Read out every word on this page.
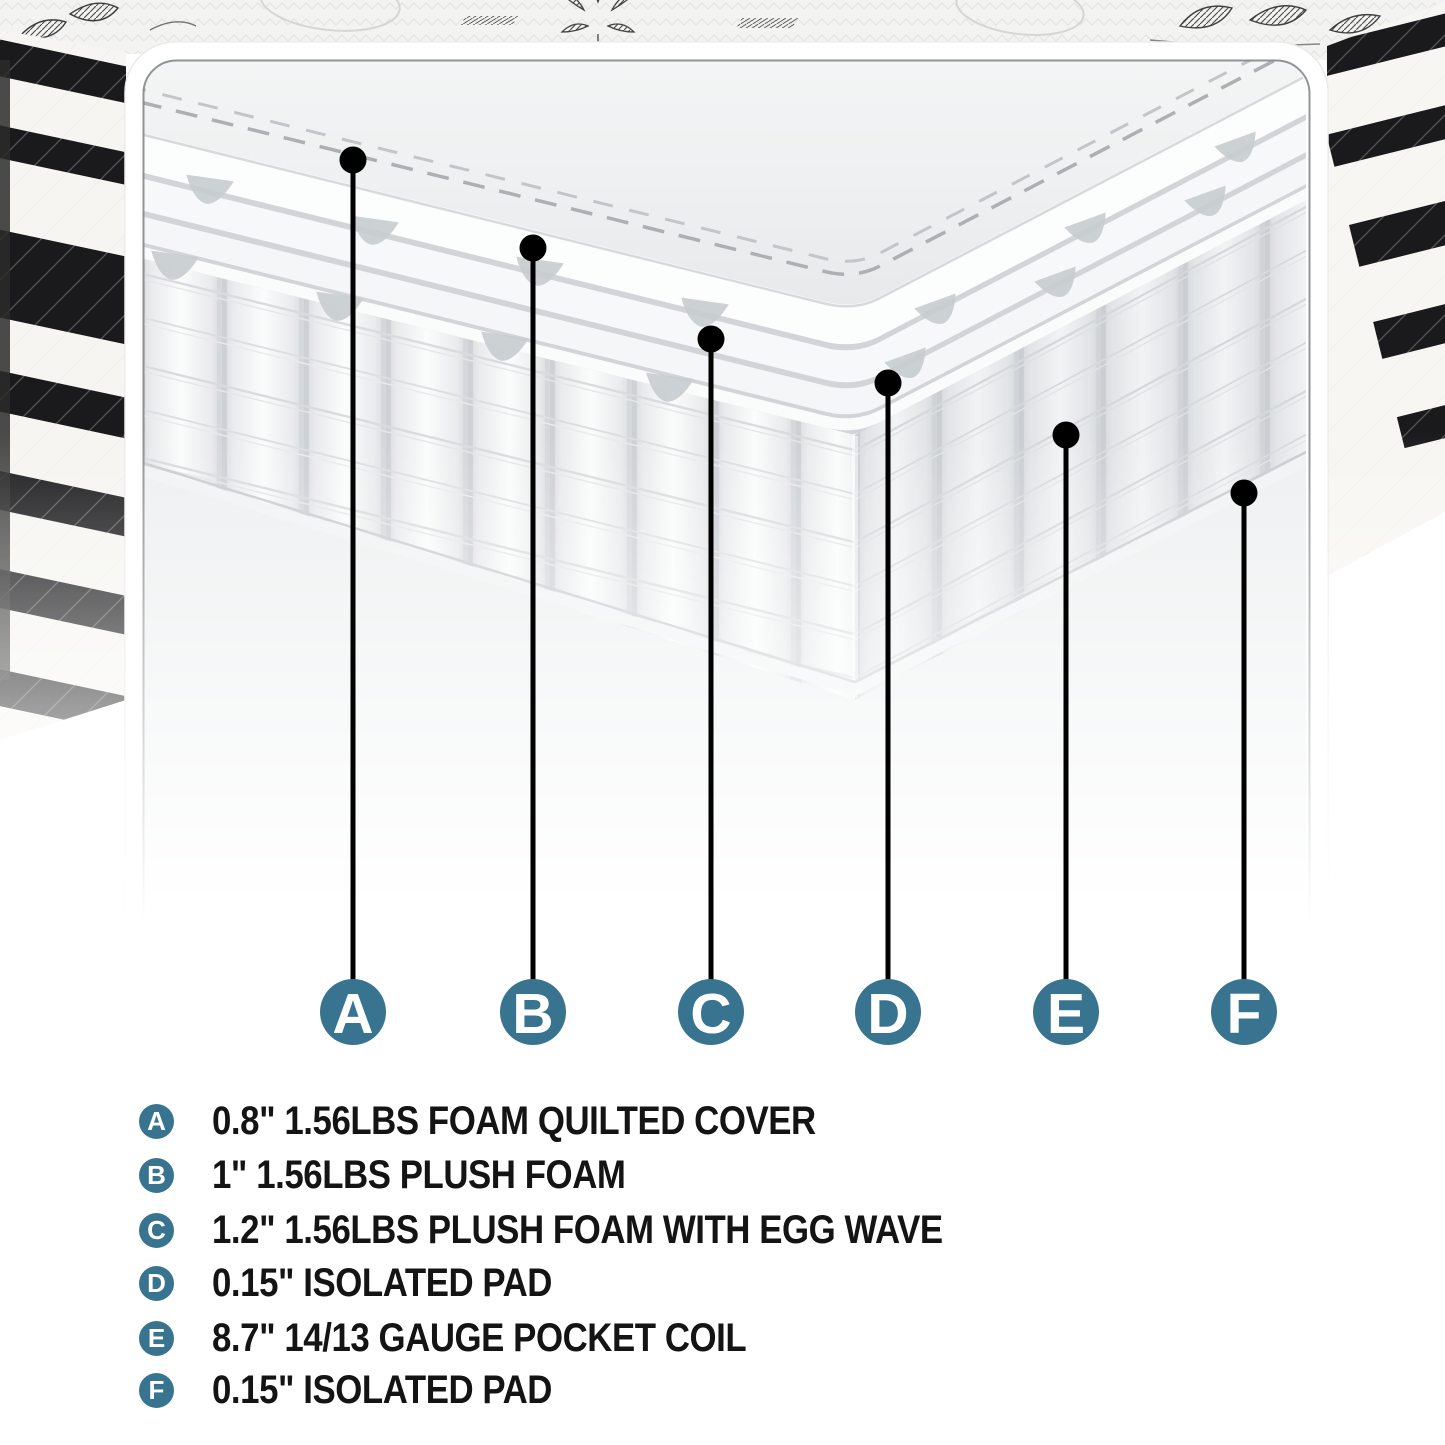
A B C D E F
A 0.8" 1.56LBS FOAM QUILTED COVER
B 1" 1.56LBS PLUSH FOAM
C 1.2" 1.56LBS PLUSH FOAM WITH EGG WAVE
D 0.15" ISOLATED PAD
E 8.7" 14/13 GAUGE POCKET COIL
F 0.15" ISOLATED PAD
